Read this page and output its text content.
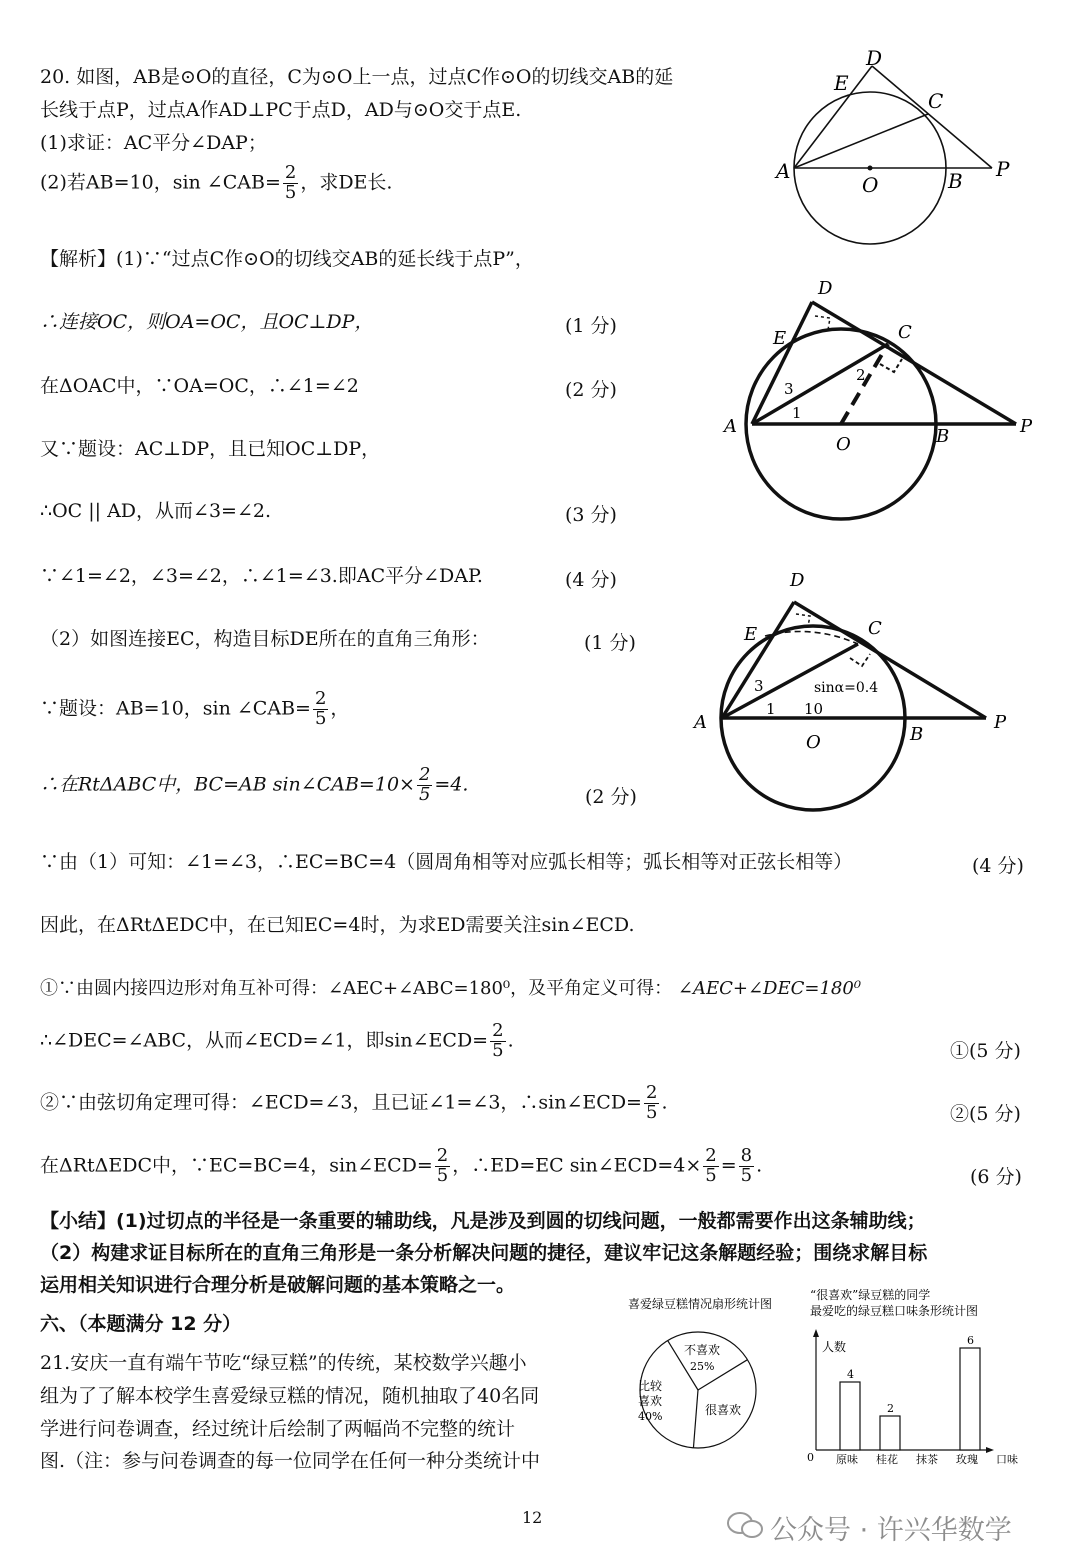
20. 如图，AB是⊙O的直径，C为⊙O上一点，过点C作⊙O的切线交AB的延
长线于点P，过点A作AD⊥PC于点D，AD与⊙O交于点E.
(1)求证：AC平分∠DAP；
(2)若AB=10，sin ∠CAB= $\frac{2}{5}$ ，求DE长.
D
E
C
A
O	B P
【解析】(1)∵“过点C作⊙O的切线交AB的延长线于点P”，
∴连接OC，则OA=OC，且OC⊥DP，	(1 分)
在ΔOAC中，∵OA=OC，∴∠1=∠2	(2 分)
又∵题设：AC⊥DP，且已知OC⊥DP，
∴OC || AD，从而∠3=∠2.	(3 分)
∵∠1=∠2，∠3=∠2，∴∠1=∠3.即AC平分∠DAP.	(4 分)
D
E	C
A
O	B	P
1
2
3
（2）如图连接EC，构造目标DE所在的直角三角形：	(1 分)
∵题设：AB=10，sin ∠CAB= $\frac{2}{5}$ ，
∴在RtΔABC中，BC=AB sin∠CAB=10× $\frac{2}{5} =4$.
(2 分)
D
E	C
A
O	B
P
1
3
10
sinα=0.4
∵由（1）可知：∠1=∠3，∴EC=BC=4（圆周角相等对应弧长相等；弧长相等对正弦长相等）	(4 分)
因此，在ΔRtΔEDC中，在已知EC=4时，为求ED需要关注sin∠ECD.
①∵由圆内接四边形对角互补可得：∠AEC+∠ABC=180⁰，及平角定义可得： ∠AEC+∠DEC=180⁰
∴∠DEC=∠ABC，从而∠ECD=∠1，即sin∠ECD= $\frac{2}{5}$ .	①(5 分)
②∵由弦切角定理可得：∠ECD=∠3，且已证∠1=∠3，∴sin∠ECD= $\frac{2}{5}$ .
②(5 分)
在ΔRtΔEDC中，∵EC=BC=4，sin∠ECD= $\frac{2}{5}$ ，∴ED=EC sin∠ECD=4× $\frac{2}{5} = \frac{8}{5}$ .
(6 分)
【小结】(1)过切点的半径是一条重要的辅助线，凡是涉及到圆的切线问题，一般都需要作出这条辅助线；
（2）构建求证目标所在的直角三角形是一条分析解决问题的捷径，建议牢记这条解题经验；围绕求解目标
运用相关知识进行合理分析是破解问题的基本策略之一。
六、（本题满分 12 分）
21.安庆一直有端午节吃“绿豆糕”的传统，某校数学兴趣小
组为了了解本校学生喜爱绿豆糕的情况，随机抽取了40名同
学进行问卷调查，经过统计后绘制了两幅尚不完整的统计
图.（注：参与问卷调查的每一位同学在任何一种分类统计中
喜爱绿豆糕情况扇形统计图
不喜欢
25%
比较
喜欢
40%	很喜欢
“很喜欢”绿豆糕的同学
最爱吃的绿豆糕口味条形统计图
人数
口味
0
4
原味
2
桂花 抹茶
6
玫瑰
12	公众号 · 许兴华数学
